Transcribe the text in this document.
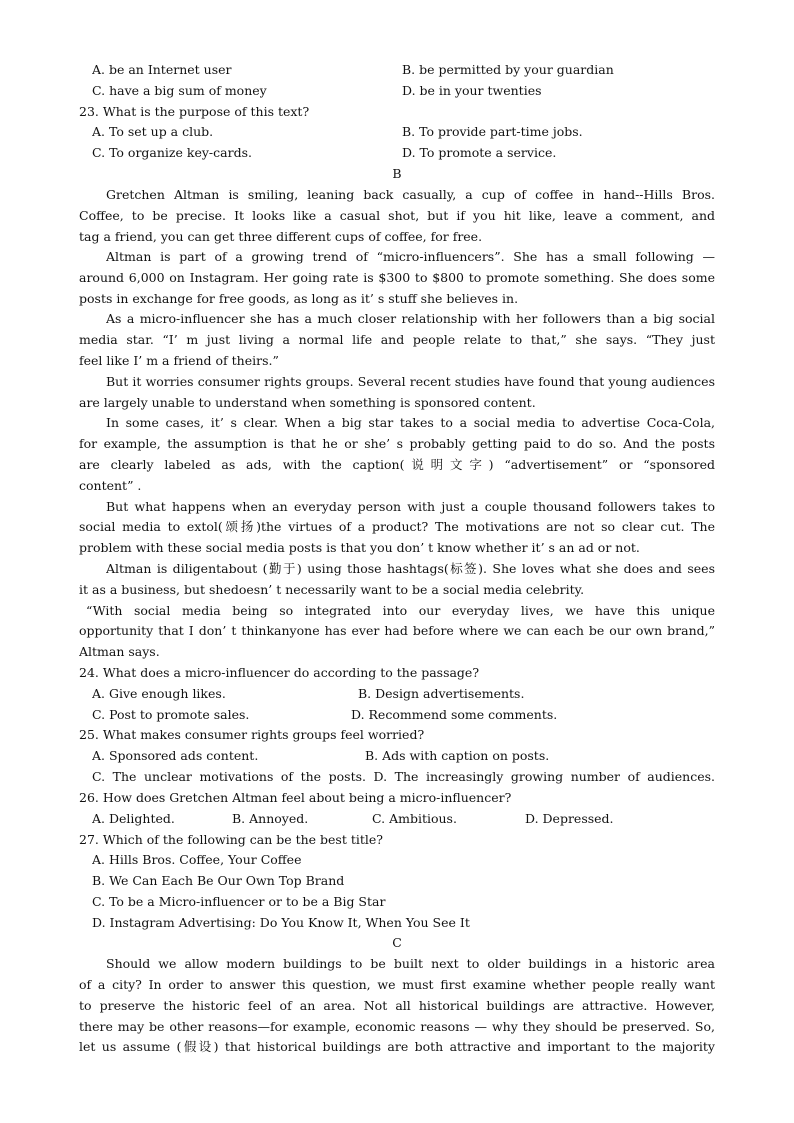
A. be an Internet user	B. be permitted by your guardian
C. have a big sum of money	D. be in your twenties
23. What is the purpose of this text?
A. To set up a club.	B. To provide part-time jobs.
C. To organize key-cards.	D. To promote a service.
B
Gretchen Altman is smiling, leaning back casually, a cup of coffee in hand--Hills Bros.
Coffee, to be precise. It looks like a casual shot, but if you hit like, leave a comment, and
tag a friend, you can get three different cups of coffee, for free.
Altman is part of a growing trend of “micro-influencers”. She has a small following —
around 6,000 on Instagram. Her going rate is $300 to $800 to promote something. She does some
posts in exchange for free goods, as long as it’ s stuff she believes in.
As a micro-influencer she has a much closer relationship with her followers than a big social
media star. “I’ m just living a normal life and people relate to that,” she says. “They just
feel like I’ m a friend of theirs.”
But it worries consumer rights groups. Several recent studies have found that young audiences
are largely unable to understand when something is sponsored content.
In some cases, it’ s clear. When a big star takes to a social media to advertise Coca-Cola,
for example, the assumption is that he or she’ s probably getting paid to do so. And the posts
are clearly labeled as ads, with the caption(说明文字) “advertisement” or “sponsored
content” .
But what happens when an everyday person with just a couple thousand followers takes to
social media to extol(颂扬)the virtues of a product? The motivations are not so clear cut. The
problem with these social media posts is that you don’ t know whether it’ s an ad or not.
Altman is diligentabout (勤于) using those hashtags(标签). She loves what she does and sees
it as a business, but shedoesn’ t necessarily want to be a social media celebrity.
“With social media being so integrated into our everyday lives, we have this unique
opportunity that I don’ t thinkanyone has ever had before where we can each be our own brand,”
Altman says.
24. What does a micro-influencer do according to the passage?
A. Give enough likes.	B. Design advertisements.
C. Post to promote sales.	D. Recommend some comments.
25. What makes consumer rights groups feel worried?
A. Sponsored ads content.	B. Ads with caption on posts.
C. The unclear motivations of the posts. D. The increasingly growing number of audiences.
26. How does Gretchen Altman feel about being a micro-influencer?
A. Delighted.	B. Annoyed.	C. Ambitious.	D. Depressed.
27. Which of the following can be the best title?
A. Hills Bros. Coffee, Your Coffee
B. We Can Each Be Our Own Top Brand
C. To be a Micro-influencer or to be a Big Star
D. Instagram Advertising: Do You Know It, When You See It
C
Should we allow modern buildings to be built next to older buildings in a historic area
of a city? In order to answer this question, we must first examine whether people really want
to preserve the historic feel of an area. Not all historical buildings are attractive. However,
there may be other reasons—for example, economic reasons — why they should be preserved. So,
let us assume (假设) that historical buildings are both attractive and important to the majority
